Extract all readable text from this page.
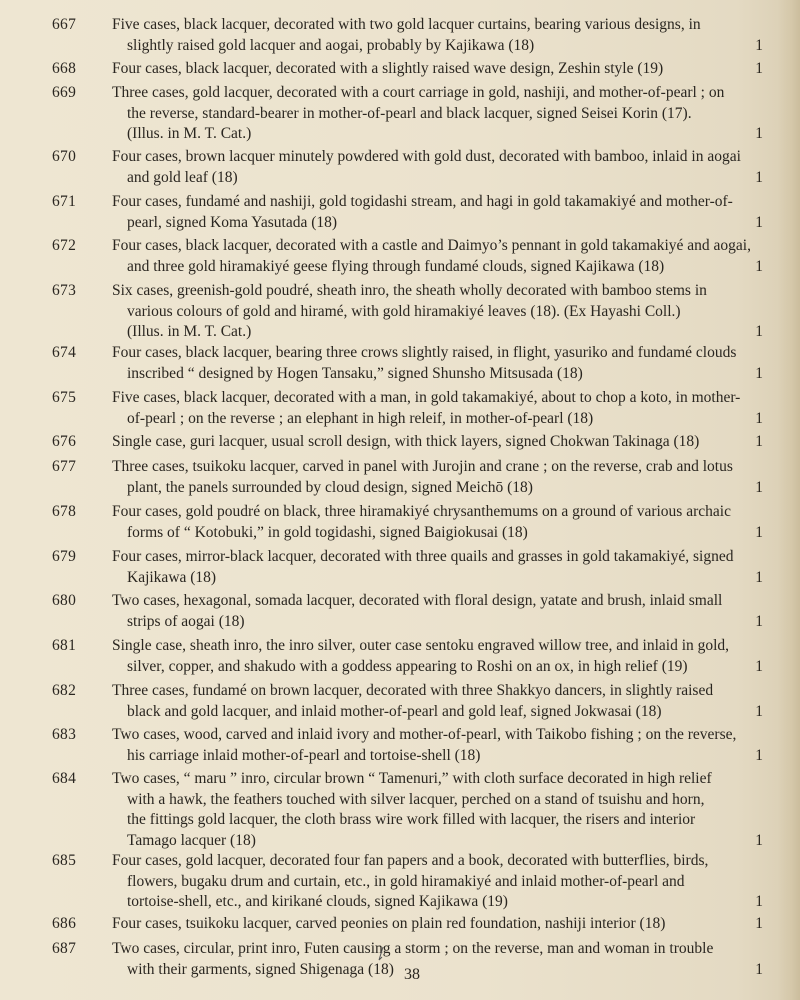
667 Five cases, black lacquer, decorated with two gold lacquer curtains, bearing various designs, in
slightly raised gold lacquer and aogai, probably by Kajikawa (18)	1
668 Four cases, black lacquer, decorated with a slightly raised wave design, Zeshin style (19)	1
669 Three cases, gold lacquer, decorated with a court carriage in gold, nashiji, and mother-of-pearl ; on
the reverse, standard-bearer in mother-of-pearl and black lacquer, signed Seisei Korin (17).
(Illus. in M. T. Cat.)	1
670 Four cases, brown lacquer minutely powdered with gold dust, decorated with bamboo, inlaid in aogai
and gold leaf (18)	1
671 Four cases, fundamé and nashiji, gold togidashi stream, and hagi in gold takamakiyé and mother-of-
pearl, signed Koma Yasutada (18)	1
672 Four cases, black lacquer, decorated with a castle and Daimyo’s pennant in gold takamakiyé and aogai,
and three gold hiramakiyé geese flying through fundamé clouds, signed Kajikawa (18)	1
673 Six cases, greenish-gold poudré, sheath inro, the sheath wholly decorated with bamboo stems in
various colours of gold and hiramé, with gold hiramakiyé leaves (18). (Ex Hayashi Coll.)
(Illus. in M. T. Cat.)	1
674 Four cases, black lacquer, bearing three crows slightly raised, in flight, yasuriko and fundamé clouds
inscribed “ designed by Hogen Tansaku,” signed Shunsho Mitsusada (18)	1
675 Five cases, black lacquer, decorated with a man, in gold takamakiyé, about to chop a koto, in mother-
of-pearl ; on the reverse ; an elephant in high releif, in mother-of-pearl (18)	1
676 Single case, guri lacquer, usual scroll design, with thick layers, signed Chokwan Takinaga (18)	1
677 Three cases, tsuikoku lacquer, carved in panel with Jurojin and crane ; on the reverse, crab and lotus
plant, the panels surrounded by cloud design, signed Meichō (18)	1
678 Four cases, gold poudré on black, three hiramakiyé chrysanthemums on a ground of various archaic
forms of “ Kotobuki,” in gold togidashi, signed Baigiokusai (18)	1
679 Four cases, mirror-black lacquer, decorated with three quails and grasses in gold takamakiyé, signed
Kajikawa (18)	1
680 Two cases, hexagonal, somada lacquer, decorated with floral design, yatate and brush, inlaid small
strips of aogai (18)	1
681 Single case, sheath inro, the inro silver, outer case sentoku engraved willow tree, and inlaid in gold,
silver, copper, and shakudo with a goddess appearing to Roshi on an ox, in high relief (19)	1
682 Three cases, fundamé on brown lacquer, decorated with three Shakkyo dancers, in slightly raised
black and gold lacquer, and inlaid mother-of-pearl and gold leaf, signed Jokwasai (18)	1
683 Two cases, wood, carved and inlaid ivory and mother-of-pearl, with Taikobo fishing ; on the reverse,
his carriage inlaid mother-of-pearl and tortoise-shell (18)	1
684 Two cases, “ maru ” inro, circular brown “ Tamenuri,” with cloth surface decorated in high relief
with a hawk, the feathers touched with silver lacquer, perched on a stand of tsuishu and horn,
the fittings gold lacquer, the cloth brass wire work filled with lacquer, the risers and interior
Tamago lacquer (18)	1
685 Four cases, gold lacquer, decorated four fan papers and a book, decorated with butterflies, birds,
flowers, bugaku drum and curtain, etc., in gold hiramakiyé and inlaid mother-of-pearl and
tortoise-shell, etc., and kirikané clouds, signed Kajikawa (19)	1
686 Four cases, tsuikoku lacquer, carved peonies on plain red foundation, nashiji interior (18)	1
687 Two cases, circular, print inro, Futen causing a storm ; on the reverse, man and woman in trouble
with their garments, signed Shigenaga (18)	1
38
